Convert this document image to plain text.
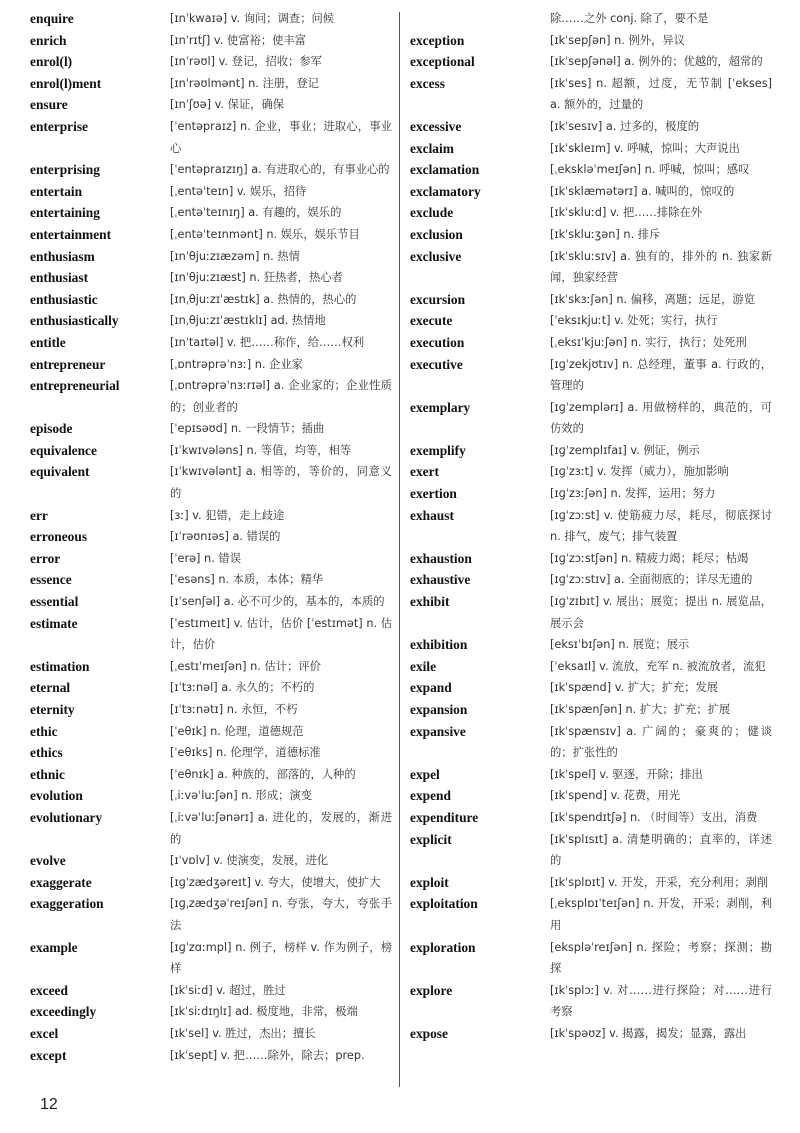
enquire	[ɪnˈkwaɪə] v. 询问；调查；问候
enrich	[ɪnˈrɪtʃ] v. 使富裕；使丰富
enrol(l)	[ɪnˈrəʊl] v. 登记，招收；参军
enrol(l)ment	[ɪnˈrəʊlmənt] n. 注册，登记
ensure	[ɪnˈʃʊə] v. 保证，确保
enterprise	[ˈentəpraɪz] n. 企业，事业；进取心，事业心
enterprising	[ˈentəpraɪzɪŋ] a. 有进取心的，有事业心的
entertain	[ˌentəˈteɪn] v. 娱乐，招待
entertaining	[ˌentəˈteɪnɪŋ] a. 有趣的，娱乐的
entertainment	[ˌentəˈteɪnmənt] n. 娱乐，娱乐节目
enthusiasm	[ɪnˈθjuːzɪæzəm] n. 热情
enthusiast	[ɪnˈθjuːzɪæst] n. 狂热者，热心者
enthusiastic	[ɪnˌθjuːzɪˈæstɪk] a. 热情的，热心的
enthusiastically	[ɪnˌθjuːzɪˈæstɪklɪ] ad. 热情地
entitle	[ɪnˈtaɪtəl] v. 把……称作，给……权利
entrepreneur	[ˌɒntrəprəˈnɜː] n. 企业家
entrepreneurial	[ˌɒntrəprəˈnɜːrɪəl] a. 企业家的；企业性质的；创业者的
episode	[ˈepɪsəʊd] n. 一段情节；插曲
equivalence	[ɪˈkwɪvələns] n. 等值，均等，相等
equivalent	[ɪˈkwɪvələnt] a. 相等的，等价的，同意义的
err	[ɜː] v. 犯错，走上歧途
erroneous	[ɪˈrəʊnɪəs] a. 错误的
error	[ˈerə] n. 错误
essence	[ˈesəns] n. 本质，本体；精华
essential	[ɪˈsenʃəl] a. 必不可少的，基本的，本质的
estimate	[ˈestɪmeɪt] v. 估计，估价 [ˈestɪmət] n. 估计，估价
estimation	[ˌestɪˈmeɪʃən] n. 估计；评价
eternal	[ɪˈtɜːnəl] a. 永久的；不朽的
eternity	[ɪˈtɜːnətɪ] n. 永恒，不朽
ethic	[ˈeθɪk] n. 伦理，道德规范
ethics	[ˈeθɪks] n. 伦理学，道德标准
ethnic	[ˈeθnɪk] a. 种族的，部落的，人种的
evolution	[ˌiːvəˈluːʃən] n. 形成；演变
evolutionary	[ˌiːvəˈluːʃənərɪ] a. 进化的，发展的，渐进的
evolve	[ɪˈvɒlv] v. 使演变，发展，进化
exaggerate	[ɪɡˈzædʒəreɪt] v. 夸大，使增大，使扩大
exaggeration	[ɪɡˌzædʒəˈreɪʃən] n. 夸张，夸大，夸张手法
example	[ɪɡˈzɑːmpl] n. 例子，榜样 v. 作为例子，榜样
exceed	[ɪkˈsiːd] v. 超过，胜过
exceedingly	[ɪkˈsiːdɪŋlɪ] ad. 极度地，非常，极端
excel	[ɪkˈsel] v. 胜过，杰出；擅长
except	[ɪkˈsept] v. 把……除外，除去；prep.
除……之外 conj. 除了，要不是
exception	[ɪkˈsepʃən] n. 例外，异议
exceptional	[ɪkˈsepʃənəl] a. 例外的；优越的，超常的
excess	[ɪkˈses] n. 超额，过度，无节制 [ˈekses] a. 额外的，过量的
excessive	[ɪkˈsesɪv] a. 过多的，极度的
exclaim	[ɪkˈskleɪm] v. 呼喊，惊叫；大声说出
exclamation	[ˌekskləˈmeɪʃən] n. 呼喊，惊叫；感叹
exclamatory	[ɪkˈsklæmətərɪ] a. 喊叫的，惊叹的
exclude	[ɪkˈskluːd] v. 把……排除在外
exclusion	[ɪkˈskluːʒən] n. 排斥
exclusive	[ɪkˈskluːsɪv] a. 独有的，排外的 n. 独家新闻，独家经营
excursion	[ɪkˈskɜːʃən] n. 偏移，离题；远足，游览
execute	[ˈeksɪkjuːt] v. 处死；实行，执行
execution	[ˌeksɪˈkjuːʃən] n. 实行，执行；处死刑
executive	[ɪɡˈzekjʊtɪv] n. 总经理，董事 a. 行政的，管理的
exemplary	[ɪɡˈzemplərɪ] a. 用做榜样的，典范的，可仿效的
exemplify	[ɪɡˈzemplɪfaɪ] v. 例证，例示
exert	[ɪɡˈzɜːt] v. 发挥（威力），施加影响
exertion	[ɪɡˈzɜːʃən] n. 发挥，运用；努力
exhaust	[ɪɡˈzɔːst] v. 使筋疲力尽，耗尽，彻底探讨 n. 排气，废气；排气装置
exhaustion	[ɪɡˈzɔːstʃən] n. 精疲力竭；耗尽；枯竭
exhaustive	[ɪɡˈzɔːstɪv] a. 全面彻底的；详尽无遗的
exhibit	[ɪɡˈzɪbɪt] v. 展出；展览；提出 n. 展览品，展示会
exhibition	[eksɪˈbɪʃən] n. 展览；展示
exile	[ˈeksaɪl] v. 流放，充军 n. 被流放者，流犯
expand	[ɪkˈspænd] v. 扩大；扩充；发展
expansion	[ɪkˈspænʃən] n. 扩大；扩充；扩展
expansive	[ɪkˈspænsɪv] a. 广阔的；豪爽的；健谈的；扩张性的
expel	[ɪkˈspel] v. 驱逐，开除；排出
expend	[ɪkˈspend] v. 花费，用光
expenditure	[ɪkˈspendɪtʃə] n. （时间等）支出，消费
explicit	[ɪkˈsplɪsɪt] a. 清楚明确的；直率的，详述的
exploit	[ɪkˈsplɒɪt] v. 开发，开采，充分利用；剥削
exploitation	[ˌeksplɒɪˈteɪʃən] n. 开发，开采；剥削，利用
exploration	[ekspləˈreɪʃən] n. 探险；考察；探测；勘探
explore	[ɪkˈsplɔː] v. 对……进行探险；对……进行考察
expose	[ɪkˈspəʊz] v. 揭露，揭发；显露，露出
12
